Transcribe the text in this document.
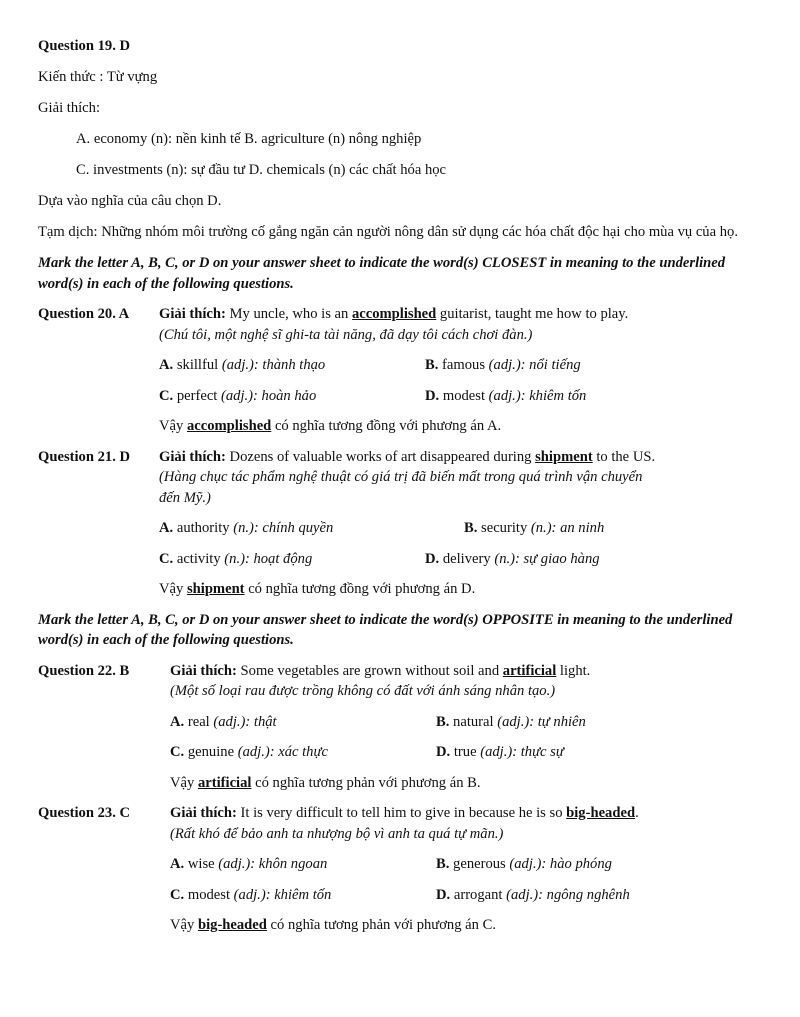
Question 19. D

Kiến thức : Từ vựng

Giải thích:

A. economy (n): nền kinh tế B. agriculture (n) nông nghiệp

C. investments (n): sự đầu tư D. chemicals (n) các chất hóa học

Dựa vào nghĩa của câu chọn D.

Tạm dịch: Những nhóm môi trường cố gắng ngăn cản người nông dân sử dụng các hóa chất độc hại cho mùa vụ của họ.

Mark the letter A, B, C, or D on your answer sheet to indicate the word(s) CLOSEST in meaning to the underlined word(s) in each of the following questions.

Question 20. A	Giải thích: My uncle, who is an accomplished guitarist, taught me how to play. (Chú tôi, một nghệ sĩ ghi-ta tài năng, đã dạy tôi cách chơi đàn.)
A. skillful (adj.): thành thạo	B. famous (adj.): nổi tiếng
C. perfect (adj.): hoàn hảo	D. modest (adj.): khiêm tốn
Vậy accomplished có nghĩa tương đồng với phương án A.
Question 21. D	Giải thích: Dozens of valuable works of art disappeared during shipment to the US. (Hàng chục tác phẩm nghệ thuật có giá trị đã biến mất trong quá trình vận chuyển đến Mỹ.)
A. authority (n.): chính quyền	B. security (n.): an ninh
C. activity (n.): hoạt động	D. delivery (n.): sự giao hàng
Vậy shipment có nghĩa tương đồng với phương án D.

Mark the letter A, B, C, or D on your answer sheet to indicate the word(s) OPPOSITE in meaning to the underlined word(s) in each of the following questions.

Question 22. B	Giải thích: Some vegetables are grown without soil and artificial light.
(Một số loại rau được trồng không có đất với ánh sáng nhân tạo.)
A. real (adj.): thật	B. natural (adj.): tự nhiên
C. genuine (adj.): xác thực	D. true (adj.): thực sự
Vậy artificial có nghĩa tương phản với phương án B.
Question 23. C	Giải thích: It is very difficult to tell him to give in because he is so big-headed. (Rất khó để bảo anh ta nhượng bộ vì anh ta quá tự mãn.)
A. wise (adj.): khôn ngoan	B. generous (adj.): hào phóng
C. modest (adj.): khiêm tốn	D. arrogant (adj.): ngông nghênh
Vậy big-headed có nghĩa tương phản với phương án C.
